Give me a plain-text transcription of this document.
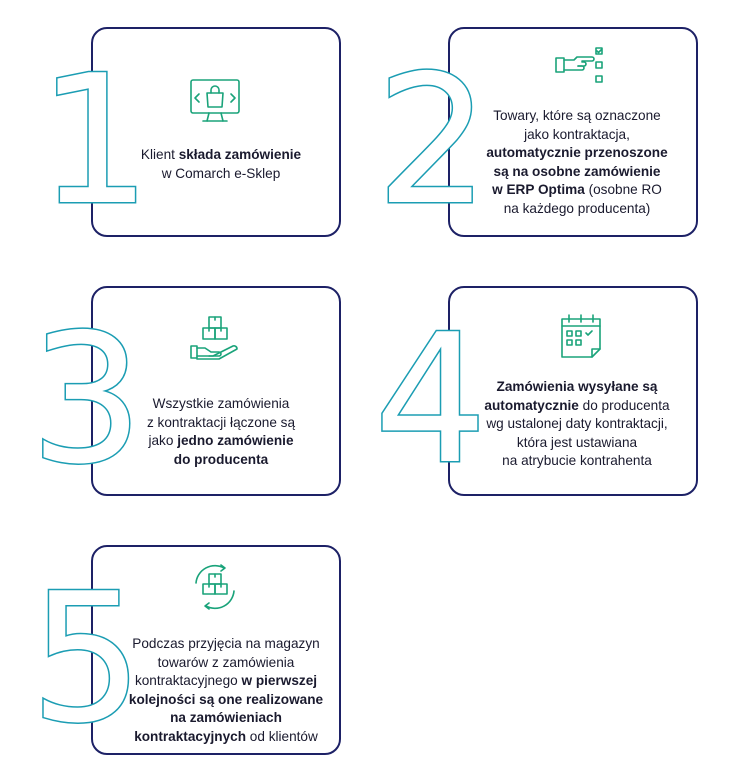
1
Klient składa zamówienie
w Comarch e-Sklep 2 Towary, które są oznaczone
jako kontraktacja,
automatycznie przenoszone
są na osobne zamówienie
w ERP Optima (osobne RO
na każdego producenta)
3 Wszystkie zamówienia
z kontraktacji łączone są
jako jedno zamówienie
do producenta 4 Zamówienia wysyłane są
automatycznie do producenta
wg ustalonej daty kontraktacji,
która jest ustawiana
na atrybucie kontrahenta
5
Podczas przyjęcia na magazyn
towarów z zamówienia
kontraktacyjnego w pierwszej
kolejności są one realizowane
na zamówieniach
kontraktacyjnych od klientów
